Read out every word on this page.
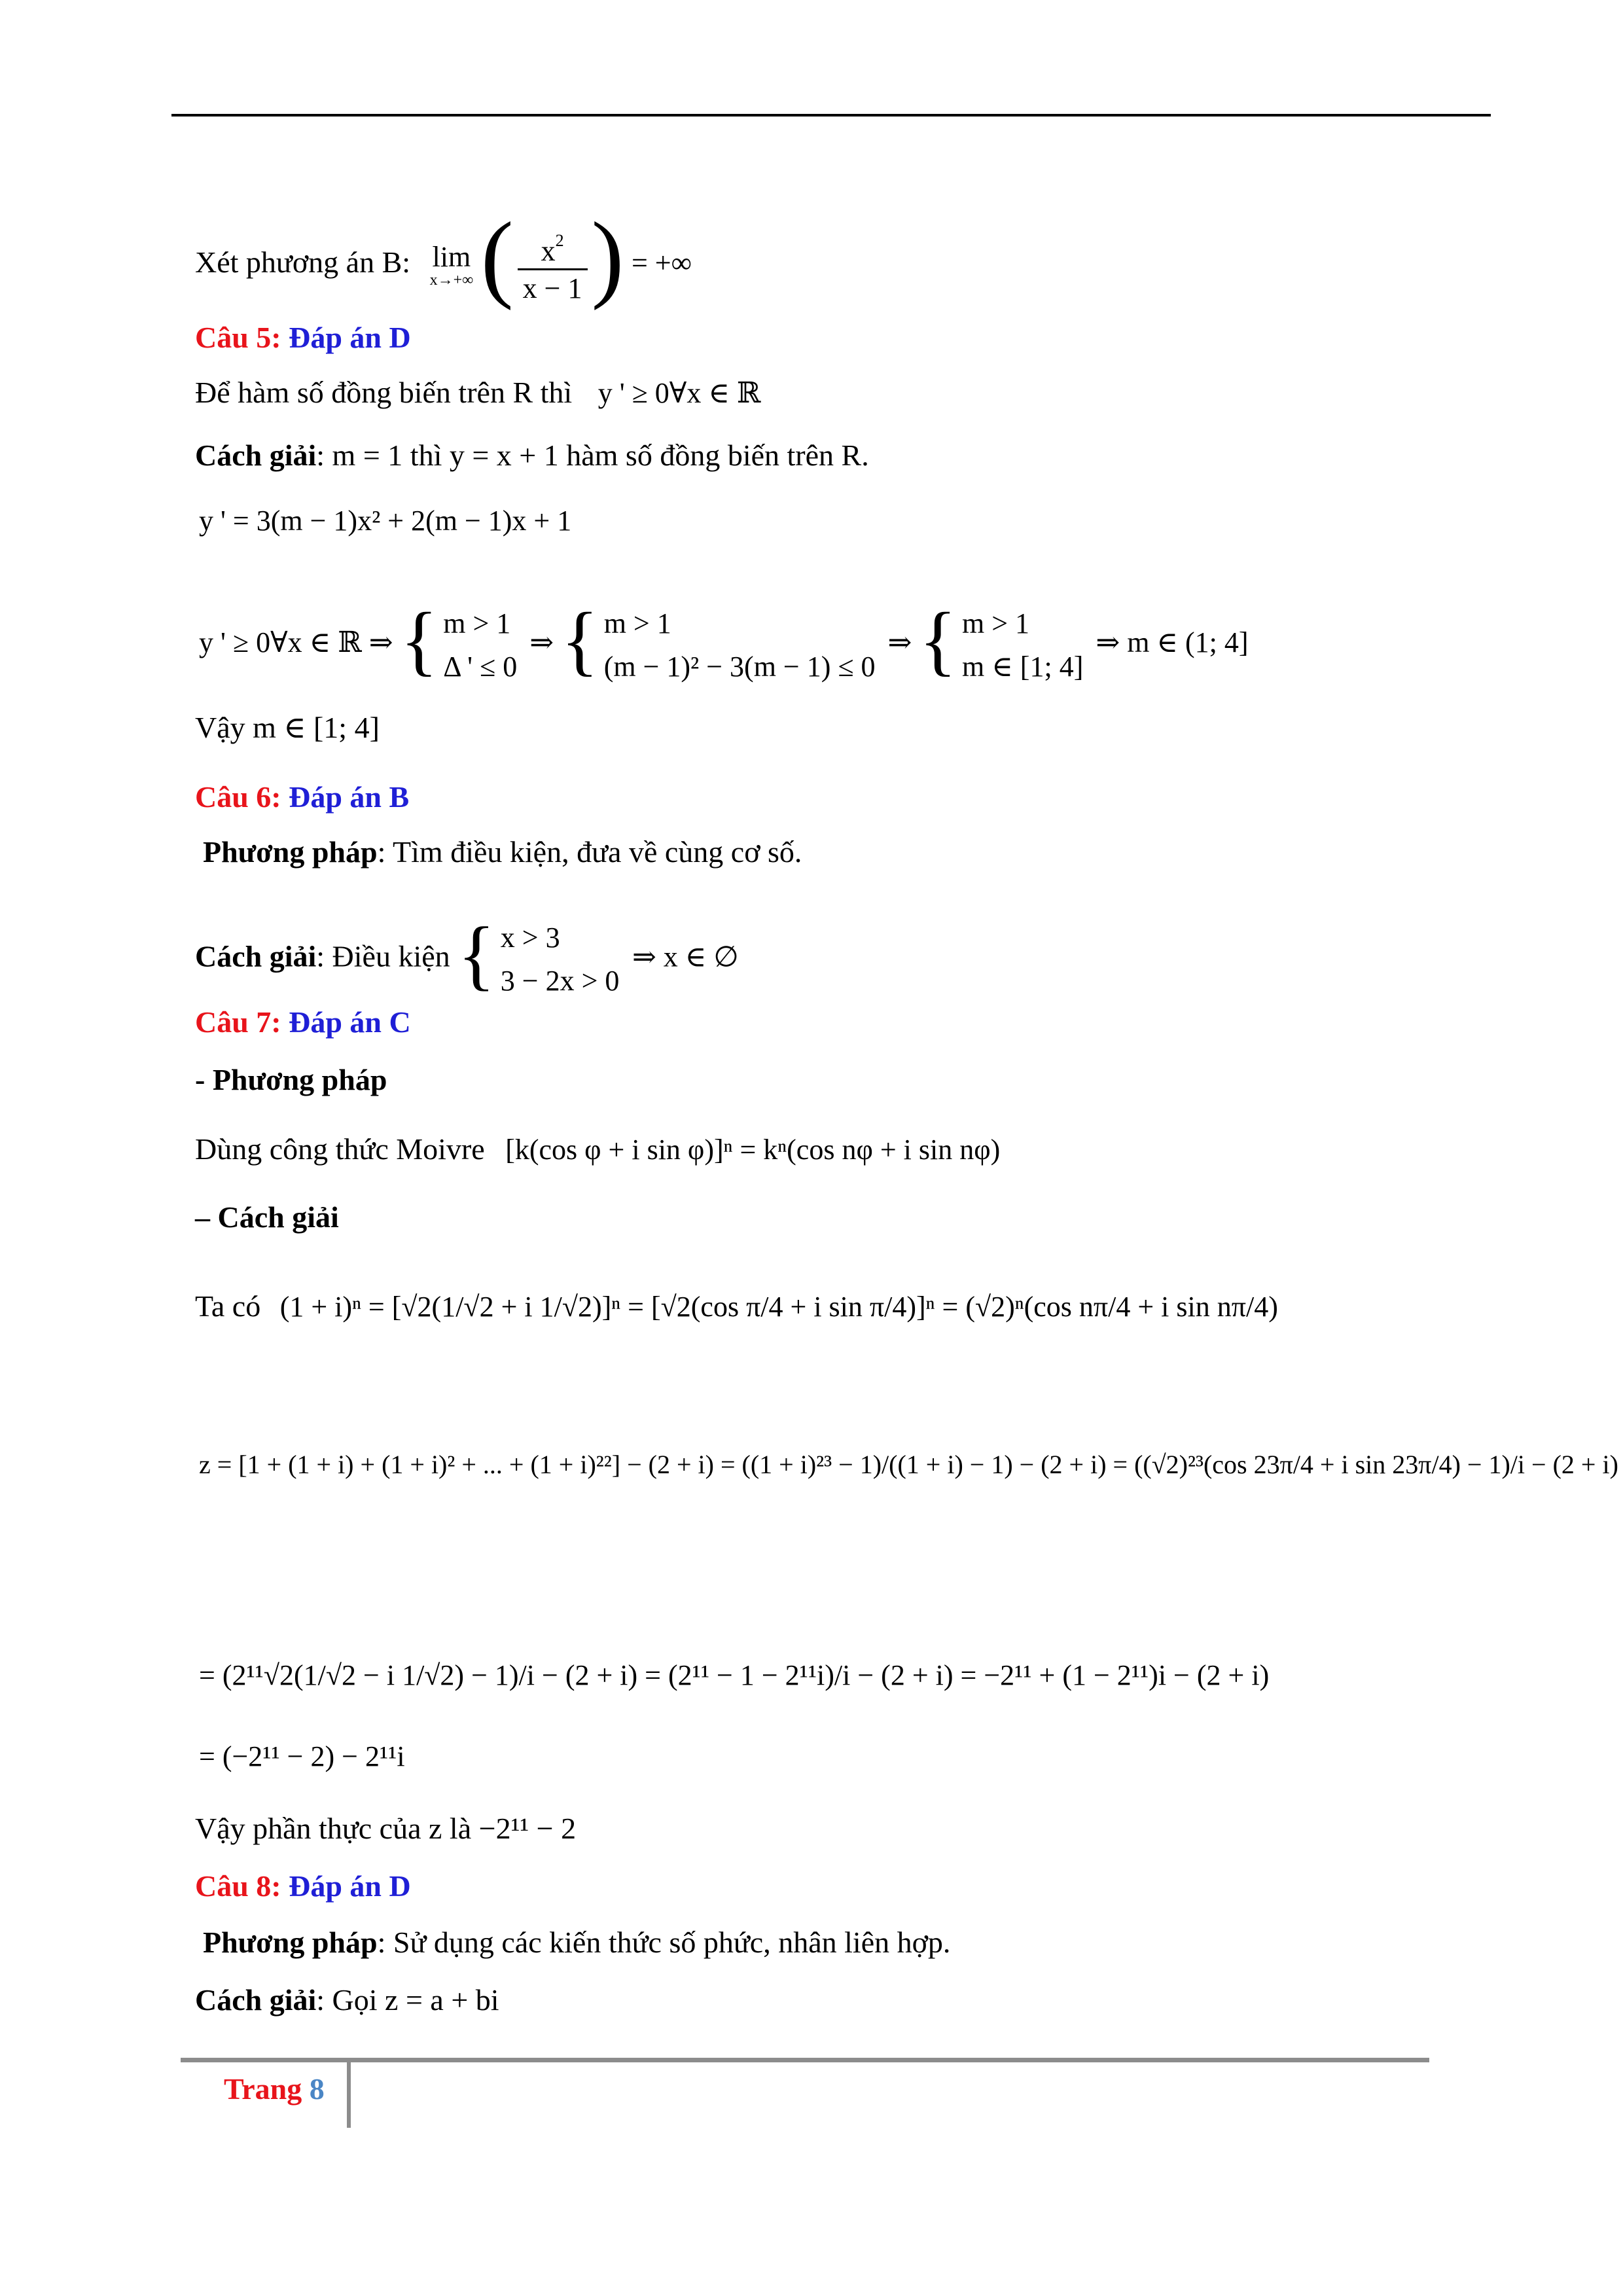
Xét phương án B: lim
x→+∞ ( $\frac{x^2}{x - 1}$ ) = +∞
Câu 5: Đáp án D
Để hàm số đồng biến trên R thì y ' ≥ 0∀x ∈ ℝ
Cách giải: m = 1 thì y = x + 1 hàm số đồng biến trên R.
y ' = 3(m − 1)x² + 2(m − 1)x + 1
y ' ≥ 0∀x ∈ ℝ ⇒ { m > 1
Δ ' ≤ 0
⇒ { m > 1
(m − 1)² − 3(m − 1) ≤ 0
⇒ { m > 1
m ∈ [1; 4]
⇒ m ∈ (1; 4]
Vậy m ∈ [1; 4]
Câu 6: Đáp án B
Phương pháp: Tìm điều kiện, đưa về cùng cơ số.
Cách giải: Điều kiện { x > 3
3 − 2x > 0
⇒ x ∈ ∅
Câu 7: Đáp án C
- Phương pháp
Dùng công thức Moivre [k(cos φ + i sin φ)]ⁿ = kⁿ(cos nφ + i sin nφ)
– Cách giải
Ta có (1 + i)ⁿ = [√2(1/√2 + i 1/√2)]ⁿ = [√2(cos π/4 + i sin π/4)]ⁿ = (√2)ⁿ(cos nπ/4 + i sin nπ/4)
z = [1 + (1 + i) + (1 + i)² + ... + (1 + i)²²] − (2 + i) = ((1 + i)²³ − 1)/((1 + i) − 1) − (2 + i) = ((√2)²³(cos 23π/4 + i sin 23π/4) − 1)/i − (2 + i)
= (2¹¹√2(1/√2 − i 1/√2) − 1)/i − (2 + i) = (2¹¹ − 1 − 2¹¹i)/i − (2 + i) = −2¹¹ + (1 − 2¹¹)i − (2 + i)
= (−2¹¹ − 2) − 2¹¹i
Vậy phần thực của z là −2¹¹ − 2
Câu 8: Đáp án D
Phương pháp: Sử dụng các kiến thức số phức, nhân liên hợp.
Cách giải: Gọi z = a + bi
Trang 8
